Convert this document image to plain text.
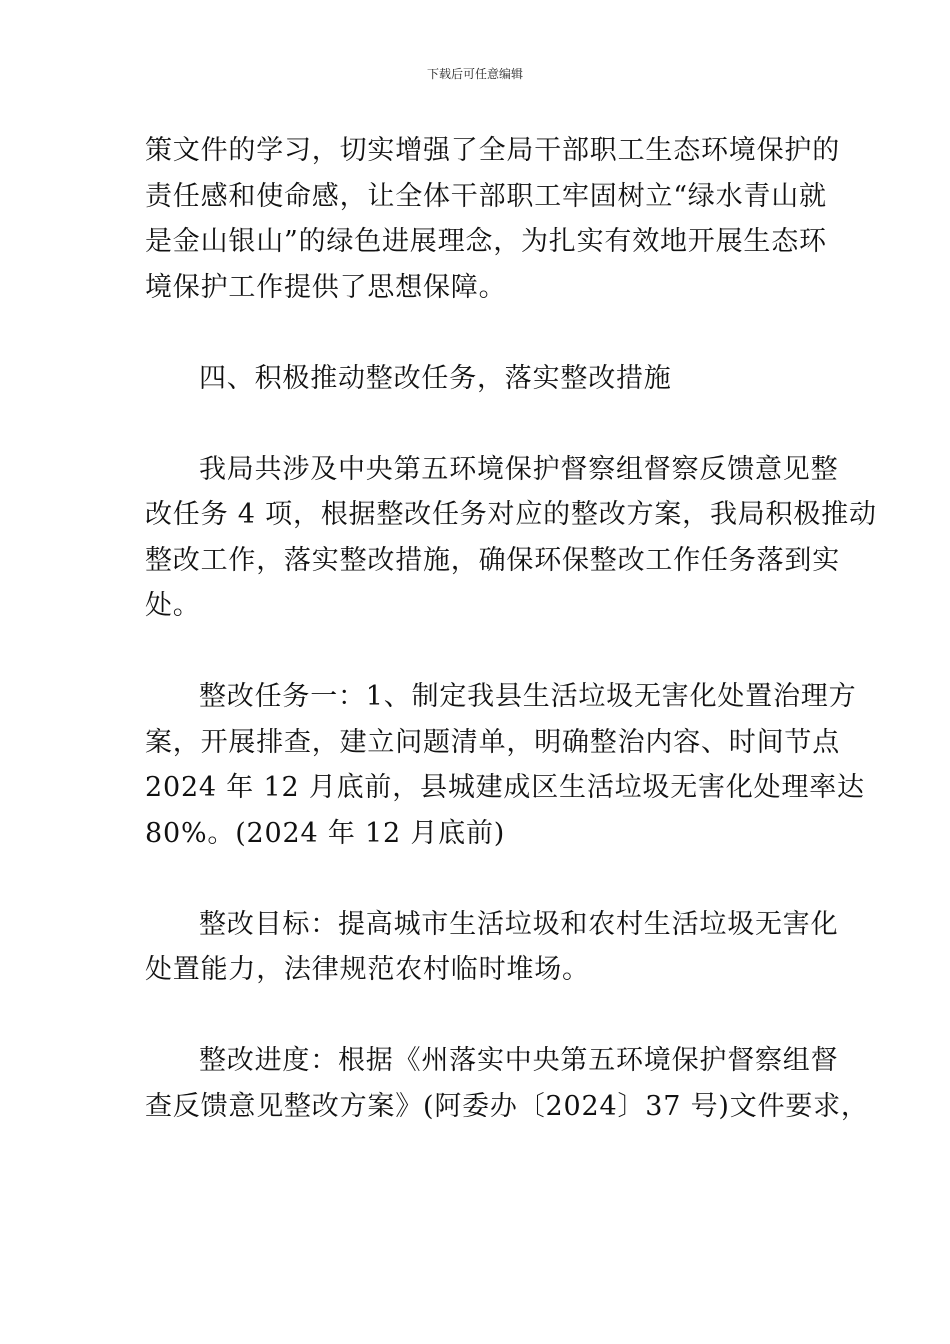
下载后可任意编辑

策文件的学习，切实增强了全局干部职工生态环境保护的
责任感和使命感，让全体干部职工牢固树立“绿水青山就
是金山银山”的绿色进展理念，为扎实有效地开展生态环
境保护工作提供了思想保障。

四、积极推动整改任务，落实整改措施

我局共涉及中央第五环境保护督察组督察反馈意见整
改任务 4 项，根据整改任务对应的整改方案，我局积极推动
整改工作，落实整改措施，确保环保整改工作任务落到实
处。

整改任务一：1、制定我县生活垃圾无害化处置治理方
案，开展排查，建立问题清单，明确整治内容、时间节点
2024 年 12 月底前，县城建成区生活垃圾无害化处理率达
80%。(2024 年 12 月底前)

整改目标：提高城市生活垃圾和农村生活垃圾无害化
处置能力，法律规范农村临时堆场。

整改进度：根据《州落实中央第五环境保护督察组督
查反馈意见整改方案》(阿委办〔2024〕37 号)文件要求，
